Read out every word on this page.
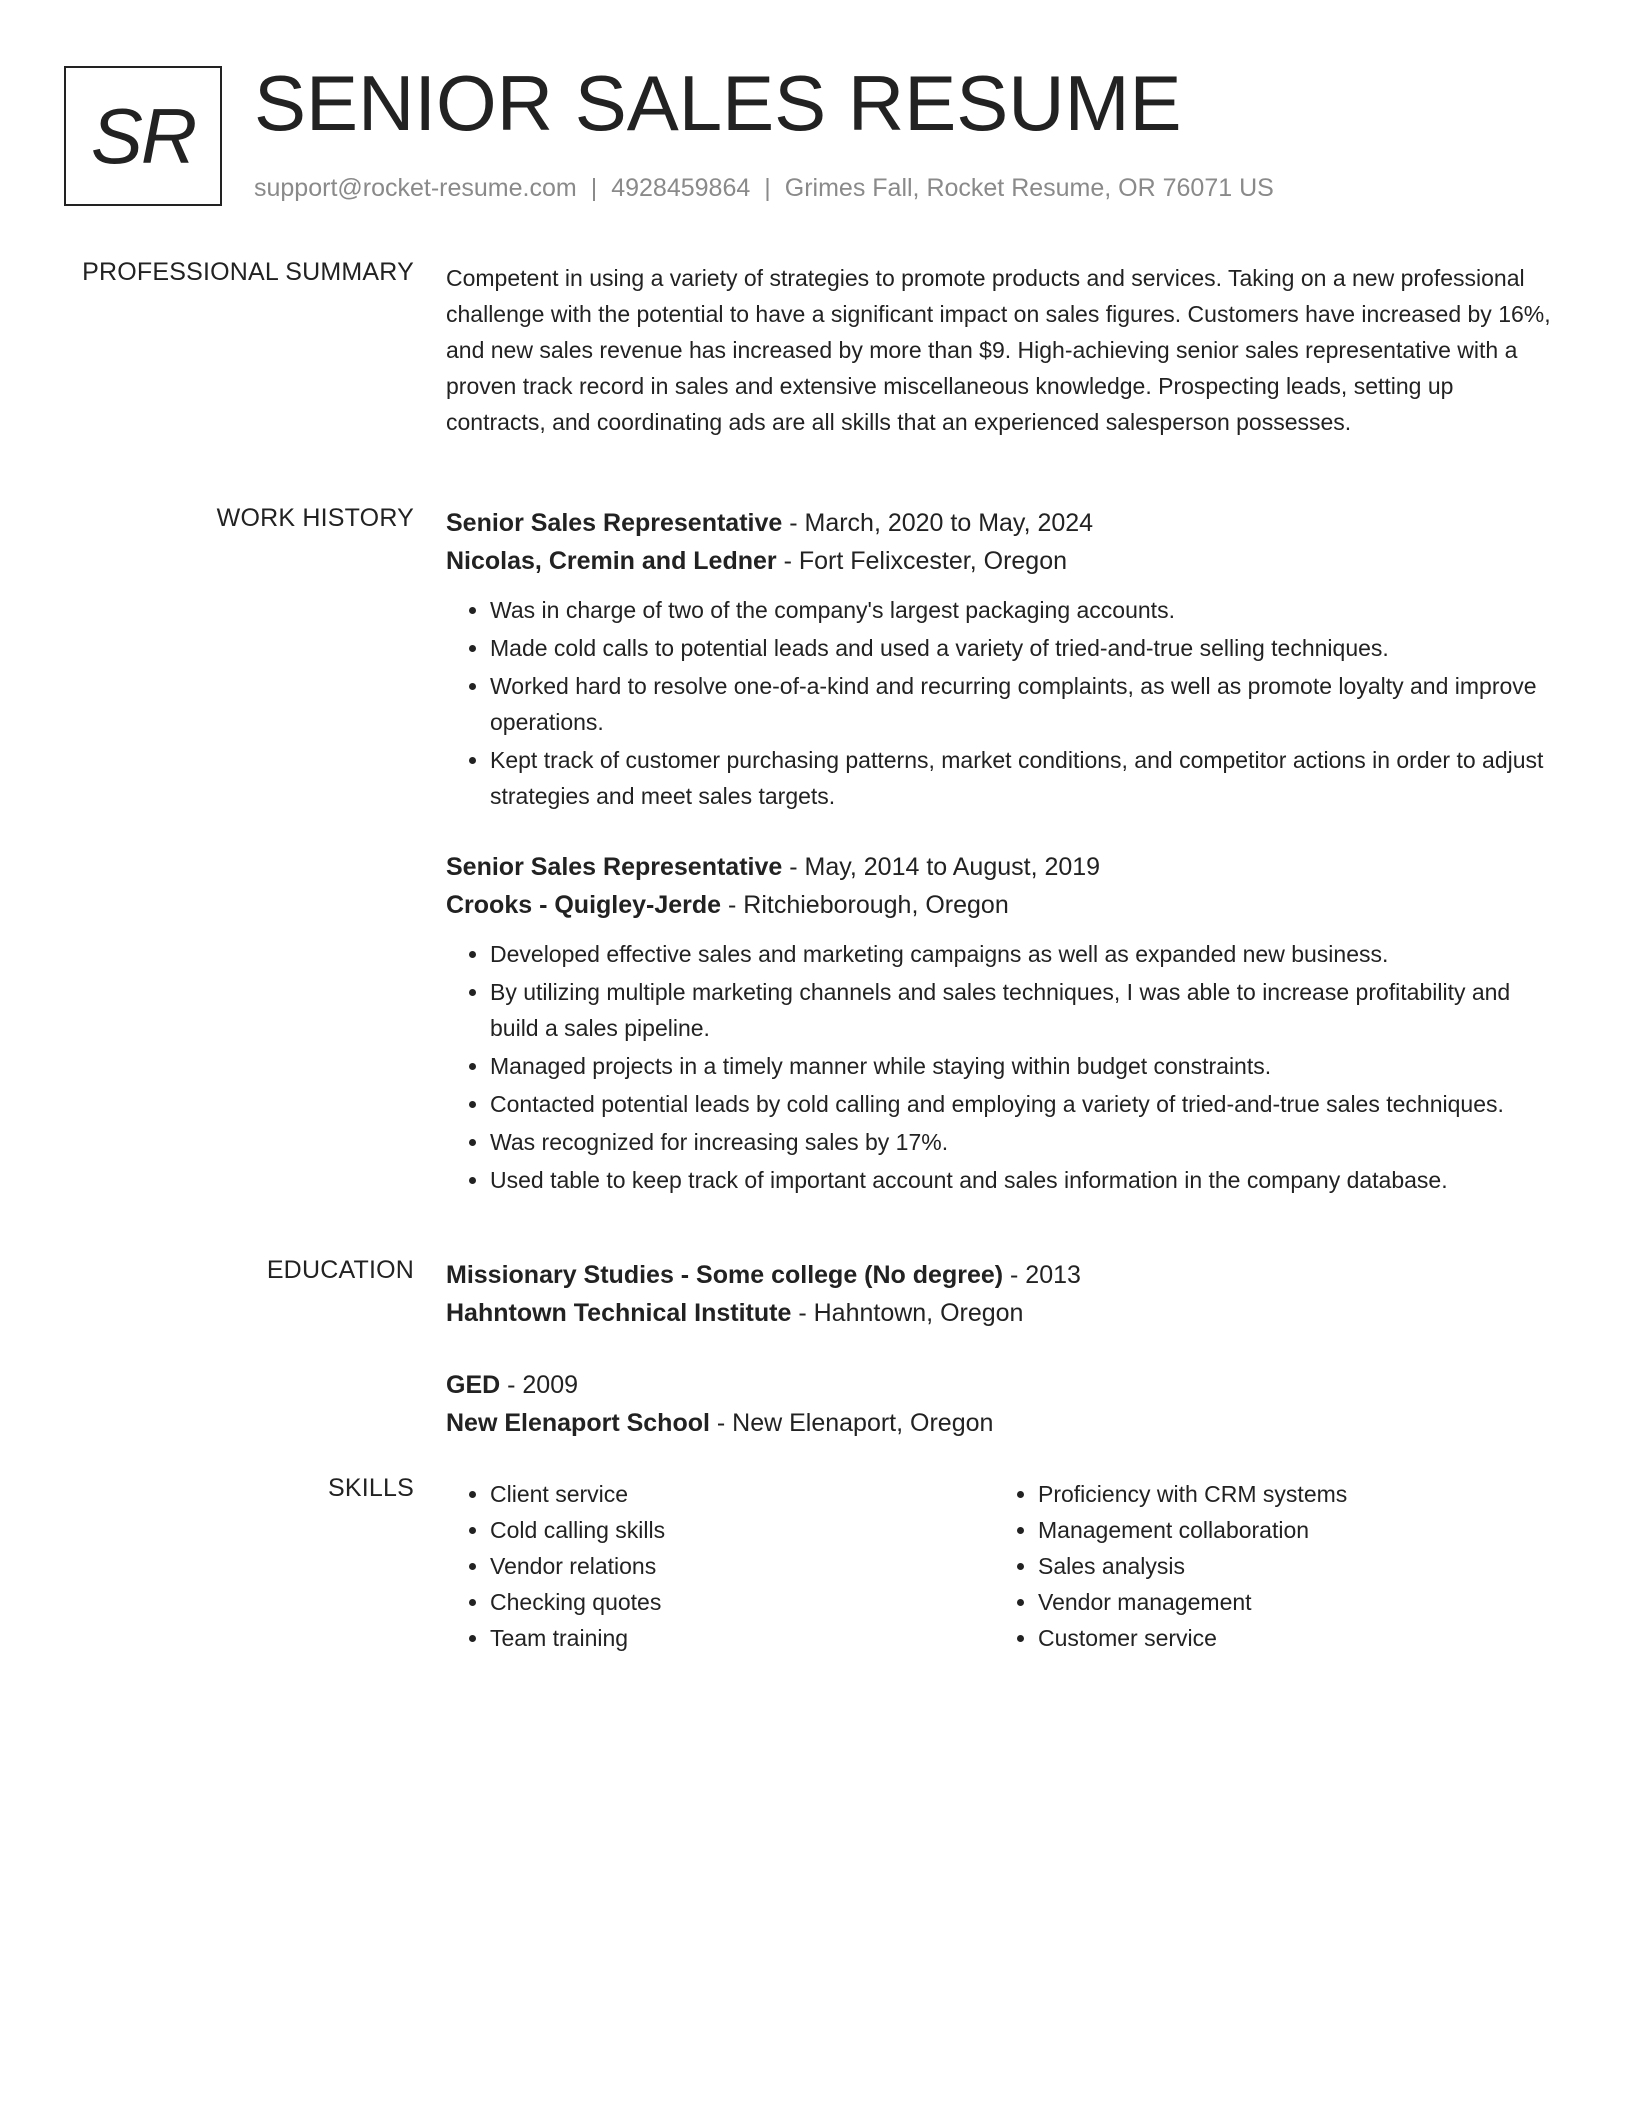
SR SENIOR SALES RESUME
support@rocket-resume.com | 4928459864 | Grimes Fall, Rocket Resume, OR 76071 US
PROFESSIONAL SUMMARY Competent in using a variety of strategies to promote products and services. Taking on a new professional challenge with the potential to have a significant impact on sales figures. Customers have increased by 16%, and new sales revenue has increased by more than $9. High-achieving senior sales representative with a proven track record in sales and extensive miscellaneous knowledge. Prospecting leads, setting up contracts, and coordinating ads are all skills that an experienced salesperson possesses.

WORK HISTORY Senior Sales Representative - March, 2020 to May, 2024
Nicolas, Cremin and Ledner - Fort Felixcester, Oregon
• Was in charge of two of the company's largest packaging accounts.
• Made cold calls to potential leads and used a variety of tried-and-true selling techniques.
• Worked hard to resolve one-of-a-kind and recurring complaints, as well as promote loyalty and improve operations.
• Kept track of customer purchasing patterns, market conditions, and competitor actions in order to adjust strategies and meet sales targets.
Senior Sales Representative - May, 2014 to August, 2019
Crooks - Quigley-Jerde - Ritchieborough, Oregon
• Developed effective sales and marketing campaigns as well as expanded new business.
• By utilizing multiple marketing channels and sales techniques, I was able to increase profitability and build a sales pipeline.
• Managed projects in a timely manner while staying within budget constraints.
• Contacted potential leads by cold calling and employing a variety of tried-and-true sales techniques.
• Was recognized for increasing sales by 17%.
• Used table to keep track of important account and sales information in the company database.
EDUCATION Missionary Studies - Some college (No degree) - 2013
Hahntown Technical Institute - Hahntown, Oregon
GED - 2009
New Elenaport School - New Elenaport, Oregon
SKILLS
•	Client service
• Cold calling skills
• Vendor relations
• Checking quotes
• Team training
• Proficiency with CRM systems
• Management collaboration
• Sales analysis
• Vendor management
• Customer service
